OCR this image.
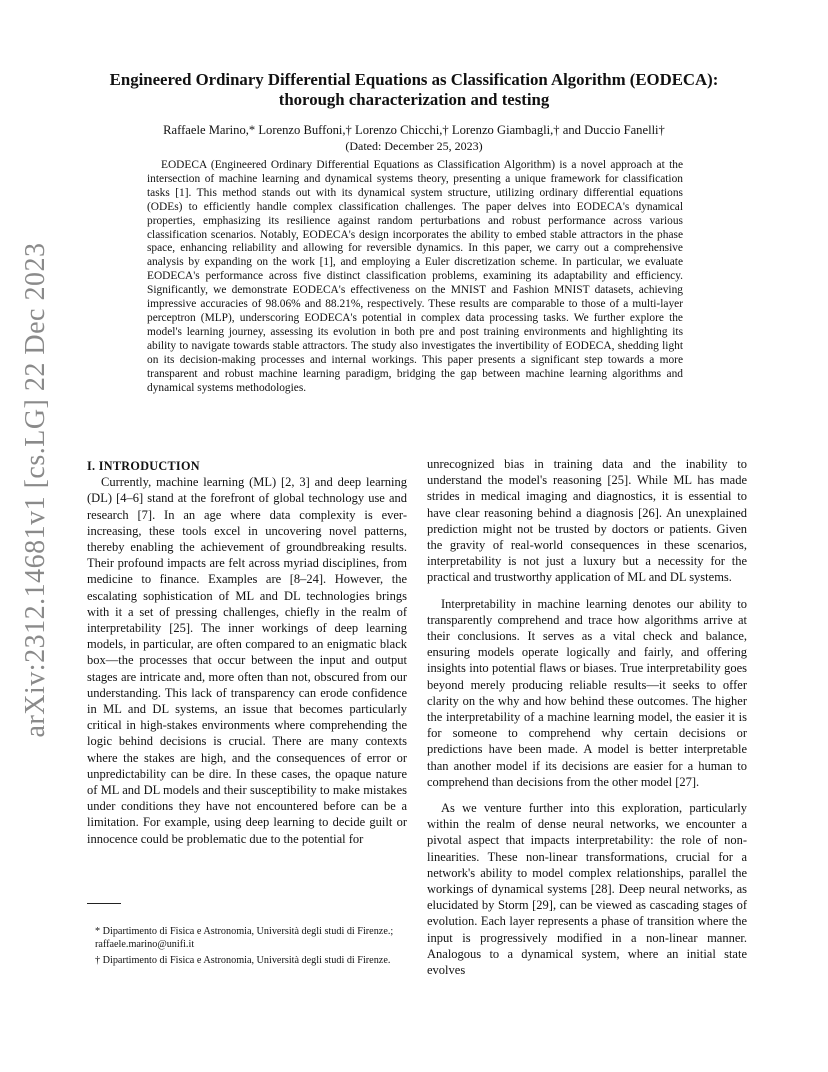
arXiv:2312.14681v1 [cs.LG] 22 Dec 2023
Engineered Ordinary Differential Equations as Classification Algorithm (EODECA):
thorough characterization and testing
Raffaele Marino,* Lorenzo Buffoni,† Lorenzo Chicchi,† Lorenzo Giambagli,† and Duccio Fanelli†
(Dated: December 25, 2023)

EODECA (Engineered Ordinary Differential Equations as Classification Algorithm) is a novel approach at the intersection of machine learning and dynamical systems theory, presenting a unique framework for classification tasks [1]. This method stands out with its dynamical system structure, utilizing ordinary differential equations (ODEs) to efficiently handle complex classification challenges. The paper delves into EODECA's dynamical properties, emphasizing its resilience against random perturbations and robust performance across various classification scenarios. Notably, EODECA's design incorporates the ability to embed stable attractors in the phase space, enhancing reliability and allowing for reversible dynamics. In this paper, we carry out a comprehensive analysis by expanding on the work [1], and employing a Euler discretization scheme. In particular, we evaluate EODECA's performance across five distinct classification problems, examining its adaptability and efficiency. Significantly, we demonstrate EODECA's effectiveness on the MNIST and Fashion MNIST datasets, achieving impressive accuracies of 98.06% and 88.21%, respectively. These results are comparable to those of a multi-layer perceptron (MLP), underscoring EODECA's potential in complex data processing tasks. We further explore the model's learning journey, assessing its evolution in both pre and post training environments and highlighting its ability to navigate towards stable attractors. The study also investigates the invertibility of EODECA, shedding light on its decision-making processes and internal workings. This paper presents a significant step towards a more transparent and robust machine learning paradigm, bridging the gap between machine learning algorithms and dynamical systems methodologies.

I. INTRODUCTION

Currently, machine learning (ML) [2, 3] and deep learning (DL) [4–6] stand at the forefront of global technology use and research [7]. In an age where data complexity is ever-increasing, these tools excel in uncovering novel patterns, thereby enabling the achievement of groundbreaking results. Their profound impacts are felt across myriad disciplines, from medicine to finance. Examples are [8–24]. However, the escalating sophistication of ML and DL technologies brings with it a set of pressing challenges, chiefly in the realm of interpretability [25]. The inner workings of deep learning models, in particular, are often compared to an enigmatic black box—the processes that occur between the input and output stages are intricate and, more often than not, obscured from our understanding. This lack of transparency can erode confidence in ML and DL systems, an issue that becomes particularly critical in high-stakes environments where comprehending the logic behind decisions is crucial. There are many contexts where the stakes are high, and the consequences of error or unpredictability can be dire. In these cases, the opaque nature of ML and DL models and their susceptibility to make mistakes under conditions they have not encountered before can be a limitation. For example, using deep learning to decide guilt or innocence could be problematic due to the potential for

unrecognized bias in training data and the inability to understand the model's reasoning [25]. While ML has made strides in medical imaging and diagnostics, it is essential to have clear reasoning behind a diagnosis [26]. An unexplained prediction might not be trusted by doctors or patients. Given the gravity of real-world consequences in these scenarios, interpretability is not just a luxury but a necessity for the practical and trustworthy application of ML and DL systems.

Interpretability in machine learning denotes our ability to transparently comprehend and trace how algorithms arrive at their conclusions. It serves as a vital check and balance, ensuring models operate logically and fairly, and offering insights into potential flaws or biases. True interpretability goes beyond merely producing reliable results—it seeks to offer clarity on the why and how behind these outcomes. The higher the interpretability of a machine learning model, the easier it is for someone to comprehend why certain decisions or predictions have been made. A model is better interpretable than another model if its decisions are easier for a human to comprehend than decisions from the other model [27].

As we venture further into this exploration, particularly within the realm of dense neural networks, we encounter a pivotal aspect that impacts interpretability: the role of non-linearities. These non-linear transformations, crucial for a network's ability to model complex relationships, parallel the workings of dynamical systems [28]. Deep neural networks, as elucidated by Storm [29], can be viewed as cascading stages of evolution. Each layer represents a phase of transition where the input is progressively modified in a non-linear manner. Analogous to a dynamical system, where an initial state evolves

* Dipartimento di Fisica e Astronomia, Università degli studi di Firenze.; raffaele.marino@unifi.it

† Dipartimento di Fisica e Astronomia, Università degli studi di Firenze.
